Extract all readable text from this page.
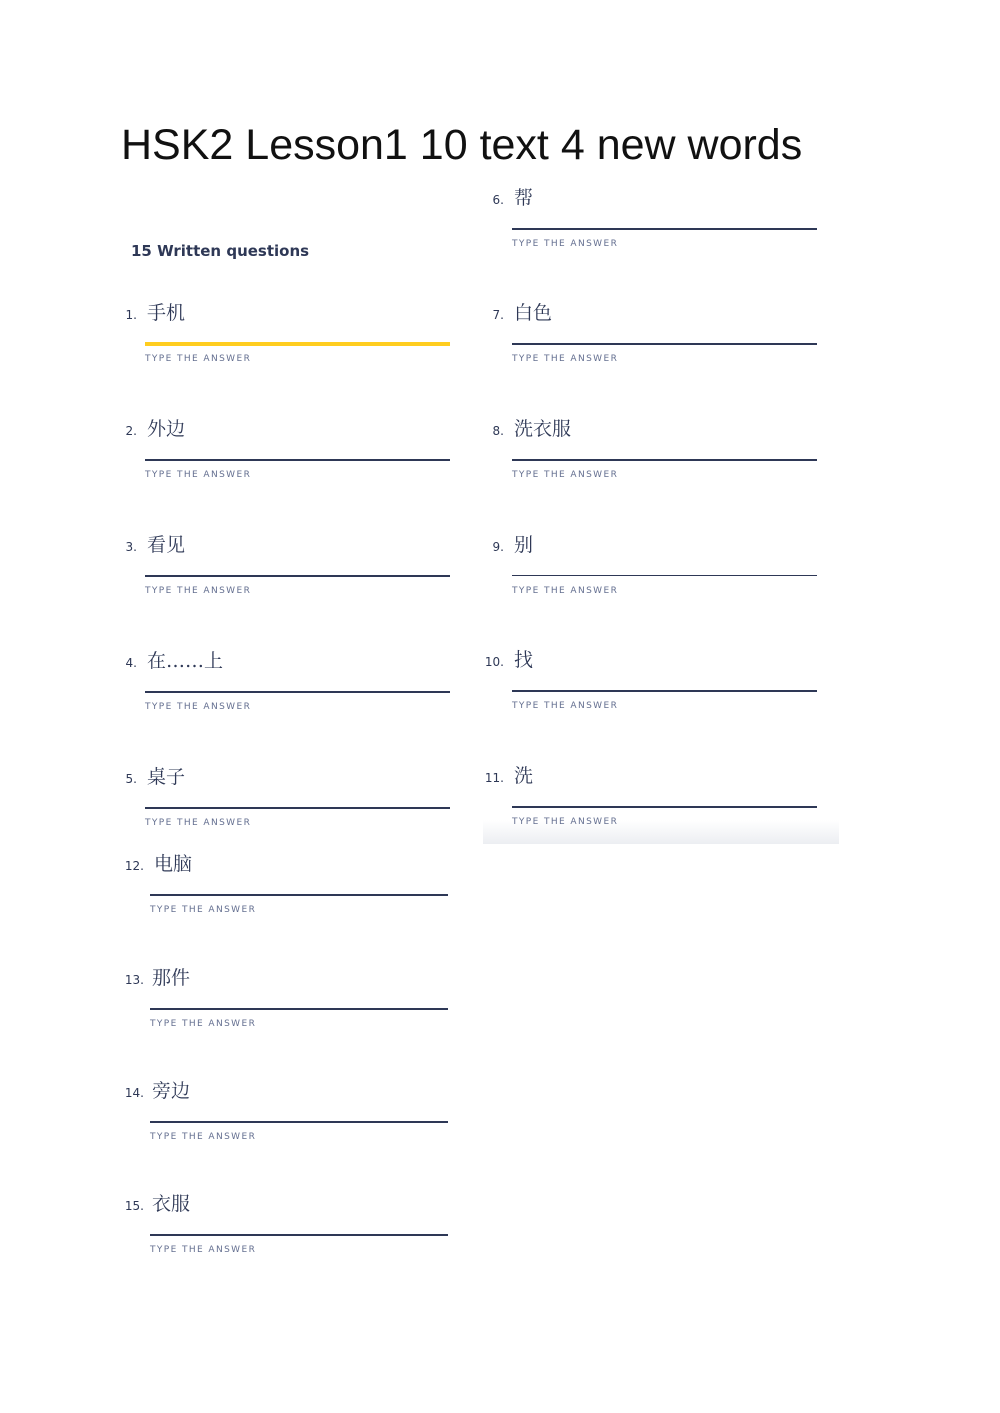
HSK2 Lesson1 10 text 4 new words
15 Written questions
1. 手机
TYPE THE ANSWER
2. 外边
TYPE THE ANSWER
3. 看见
TYPE THE ANSWER
4. 在……上
TYPE THE ANSWER
5. 桌子
TYPE THE ANSWER
6. 帮
TYPE THE ANSWER
7. 白色
TYPE THE ANSWER
8. 洗衣服
TYPE THE ANSWER
9. 别
TYPE THE ANSWER
10. 找
TYPE THE ANSWER
11. 洗
TYPE THE ANSWER
12. 电脑
TYPE THE ANSWER
13. 那件
TYPE THE ANSWER
14. 旁边
TYPE THE ANSWER
15. 衣服
TYPE THE ANSWER
